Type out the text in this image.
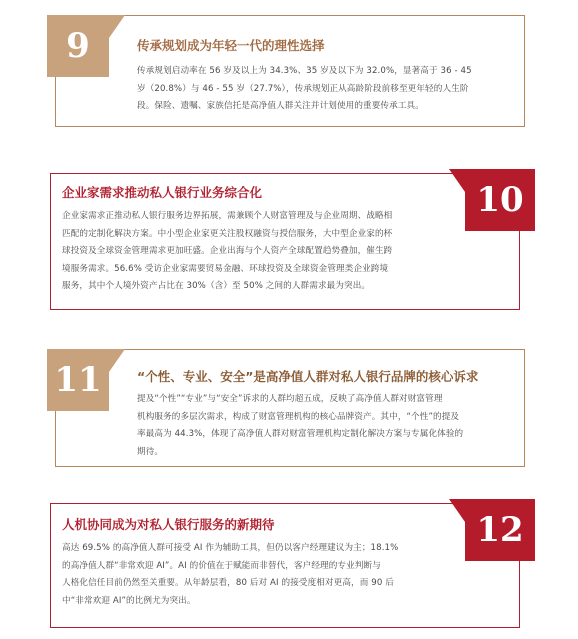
传承规划成为年轻一代的理性选择
传承规划启动率在 56 岁及以上为 34.3%、35 岁及以下为 32.0%，显著高于 36 - 45
岁（20.8%）与 46 - 55 岁（27.7%），传承规划正从高龄阶段前移至更年轻的人生阶
段。保险、遗嘱、家族信托是高净值人群关注并计划使用的重要传承工具。
9
企业家需求推动私人银行业务综合化
企业家需求正推动私人银行服务边界拓展，需兼顾个人财富管理及与企业周期、战略相
匹配的定制化解决方案。中小型企业家更关注股权融资与授信服务，大中型企业家的杯
球投资及全球资金管理需求更加旺盛。企业出海与个人资产全球配置趋势叠加，催生跨
境服务需求。56.6% 受访企业家需要贸易金融、环球投资及全球资金管理类企业跨境
服务，其中个人境外资产占比在 30%（含）至 50% 之间的人群需求最为突出。
10
“个性、专业、安全”是高净值人群对私人银行品牌的核心诉求
提及“个性”“专业”与“安全”诉求的人群均超五成，反映了高净值人群对财富管理
机构服务的多层次需求，构成了财富管理机构的核心品牌资产。其中，“个性”的提及
率最高为 44.3%，体现了高净值人群对财富管理机构定制化解决方案与专属化体验的
期待。
11
人机协同成为对私人银行服务的新期待
高达 69.5% 的高净值人群可接受 AI 作为辅助工具，但仍以客户经理建议为主；18.1%
的高净值人群“非常欢迎 AI”。AI 的价值在于赋能而非替代，客户经理的专业判断与
人格化信任目前仍然至关重要。从年龄层看，80 后对 AI 的接受度相对更高，而 90 后
中“非常欢迎 AI”的比例尤为突出。
12
